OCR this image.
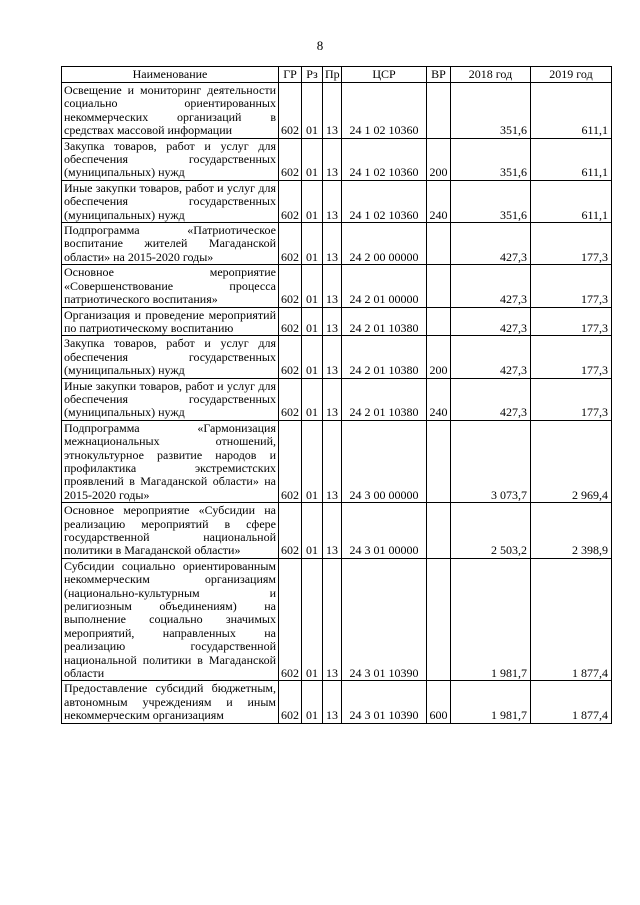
8
Наименование	ГР	Рз	Пр	ЦСР	ВР	2018 год	2019 год
Освещение и мониторинг деятельности социально ориентированных некоммерческих организаций в средствах массовой информации	602	01	13	24 1 02 10360		351,6	611,1
Закупка товаров, работ и услуг для обеспечения государственных (муниципальных) нужд	602	01	13	24 1 02 10360	200	351,6	611,1
Иные закупки товаров, работ и услуг для обеспечения государственных (муниципальных) нужд	602	01	13	24 1 02 10360	240	351,6	611,1
Подпрограмма «Патриотическое воспитание жителей Магаданской области» на 2015-2020 годы»	602	01	13	24 2 00 00000		427,3	177,3
Основное мероприятие «Совершенствование процесса патриотического воспитания»	602	01	13	24 2 01 00000		427,3	177,3
Организация и проведение мероприятий по патриотическому воспитанию	602	01	13	24 2 01 10380		427,3	177,3
Закупка товаров, работ и услуг для обеспечения государственных (муниципальных) нужд	602	01	13	24 2 01 10380	200	427,3	177,3
Иные закупки товаров, работ и услуг для обеспечения государственных (муниципальных) нужд	602	01	13	24 2 01 10380	240	427,3	177,3
Подпрограмма «Гармонизация межнациональных отношений, этнокультурное развитие народов и профилактика экстремистских проявлений в Магаданской области» на 2015-2020 годы»	602	01	13	24 3 00 00000		3 073,7	2 969,4
Основное мероприятие «Субсидии на реализацию мероприятий в сфере государственной национальной политики в Магаданской области»	602	01	13	24 3 01 00000		2 503,2	2 398,9
Субсидии социально ориентированным некоммерческим организациям (национально-культурным и религиозным объединениям) на выполнение социально значимых мероприятий, направленных на реализацию государственной национальной политики в Магаданской области	602	01	13	24 3 01 10390		1 981,7	1 877,4
Предоставление субсидий бюджетным, автономным учреждениям и иным некоммерческим организациям	602	01	13	24 3 01 10390	600	1 981,7	1 877,4
